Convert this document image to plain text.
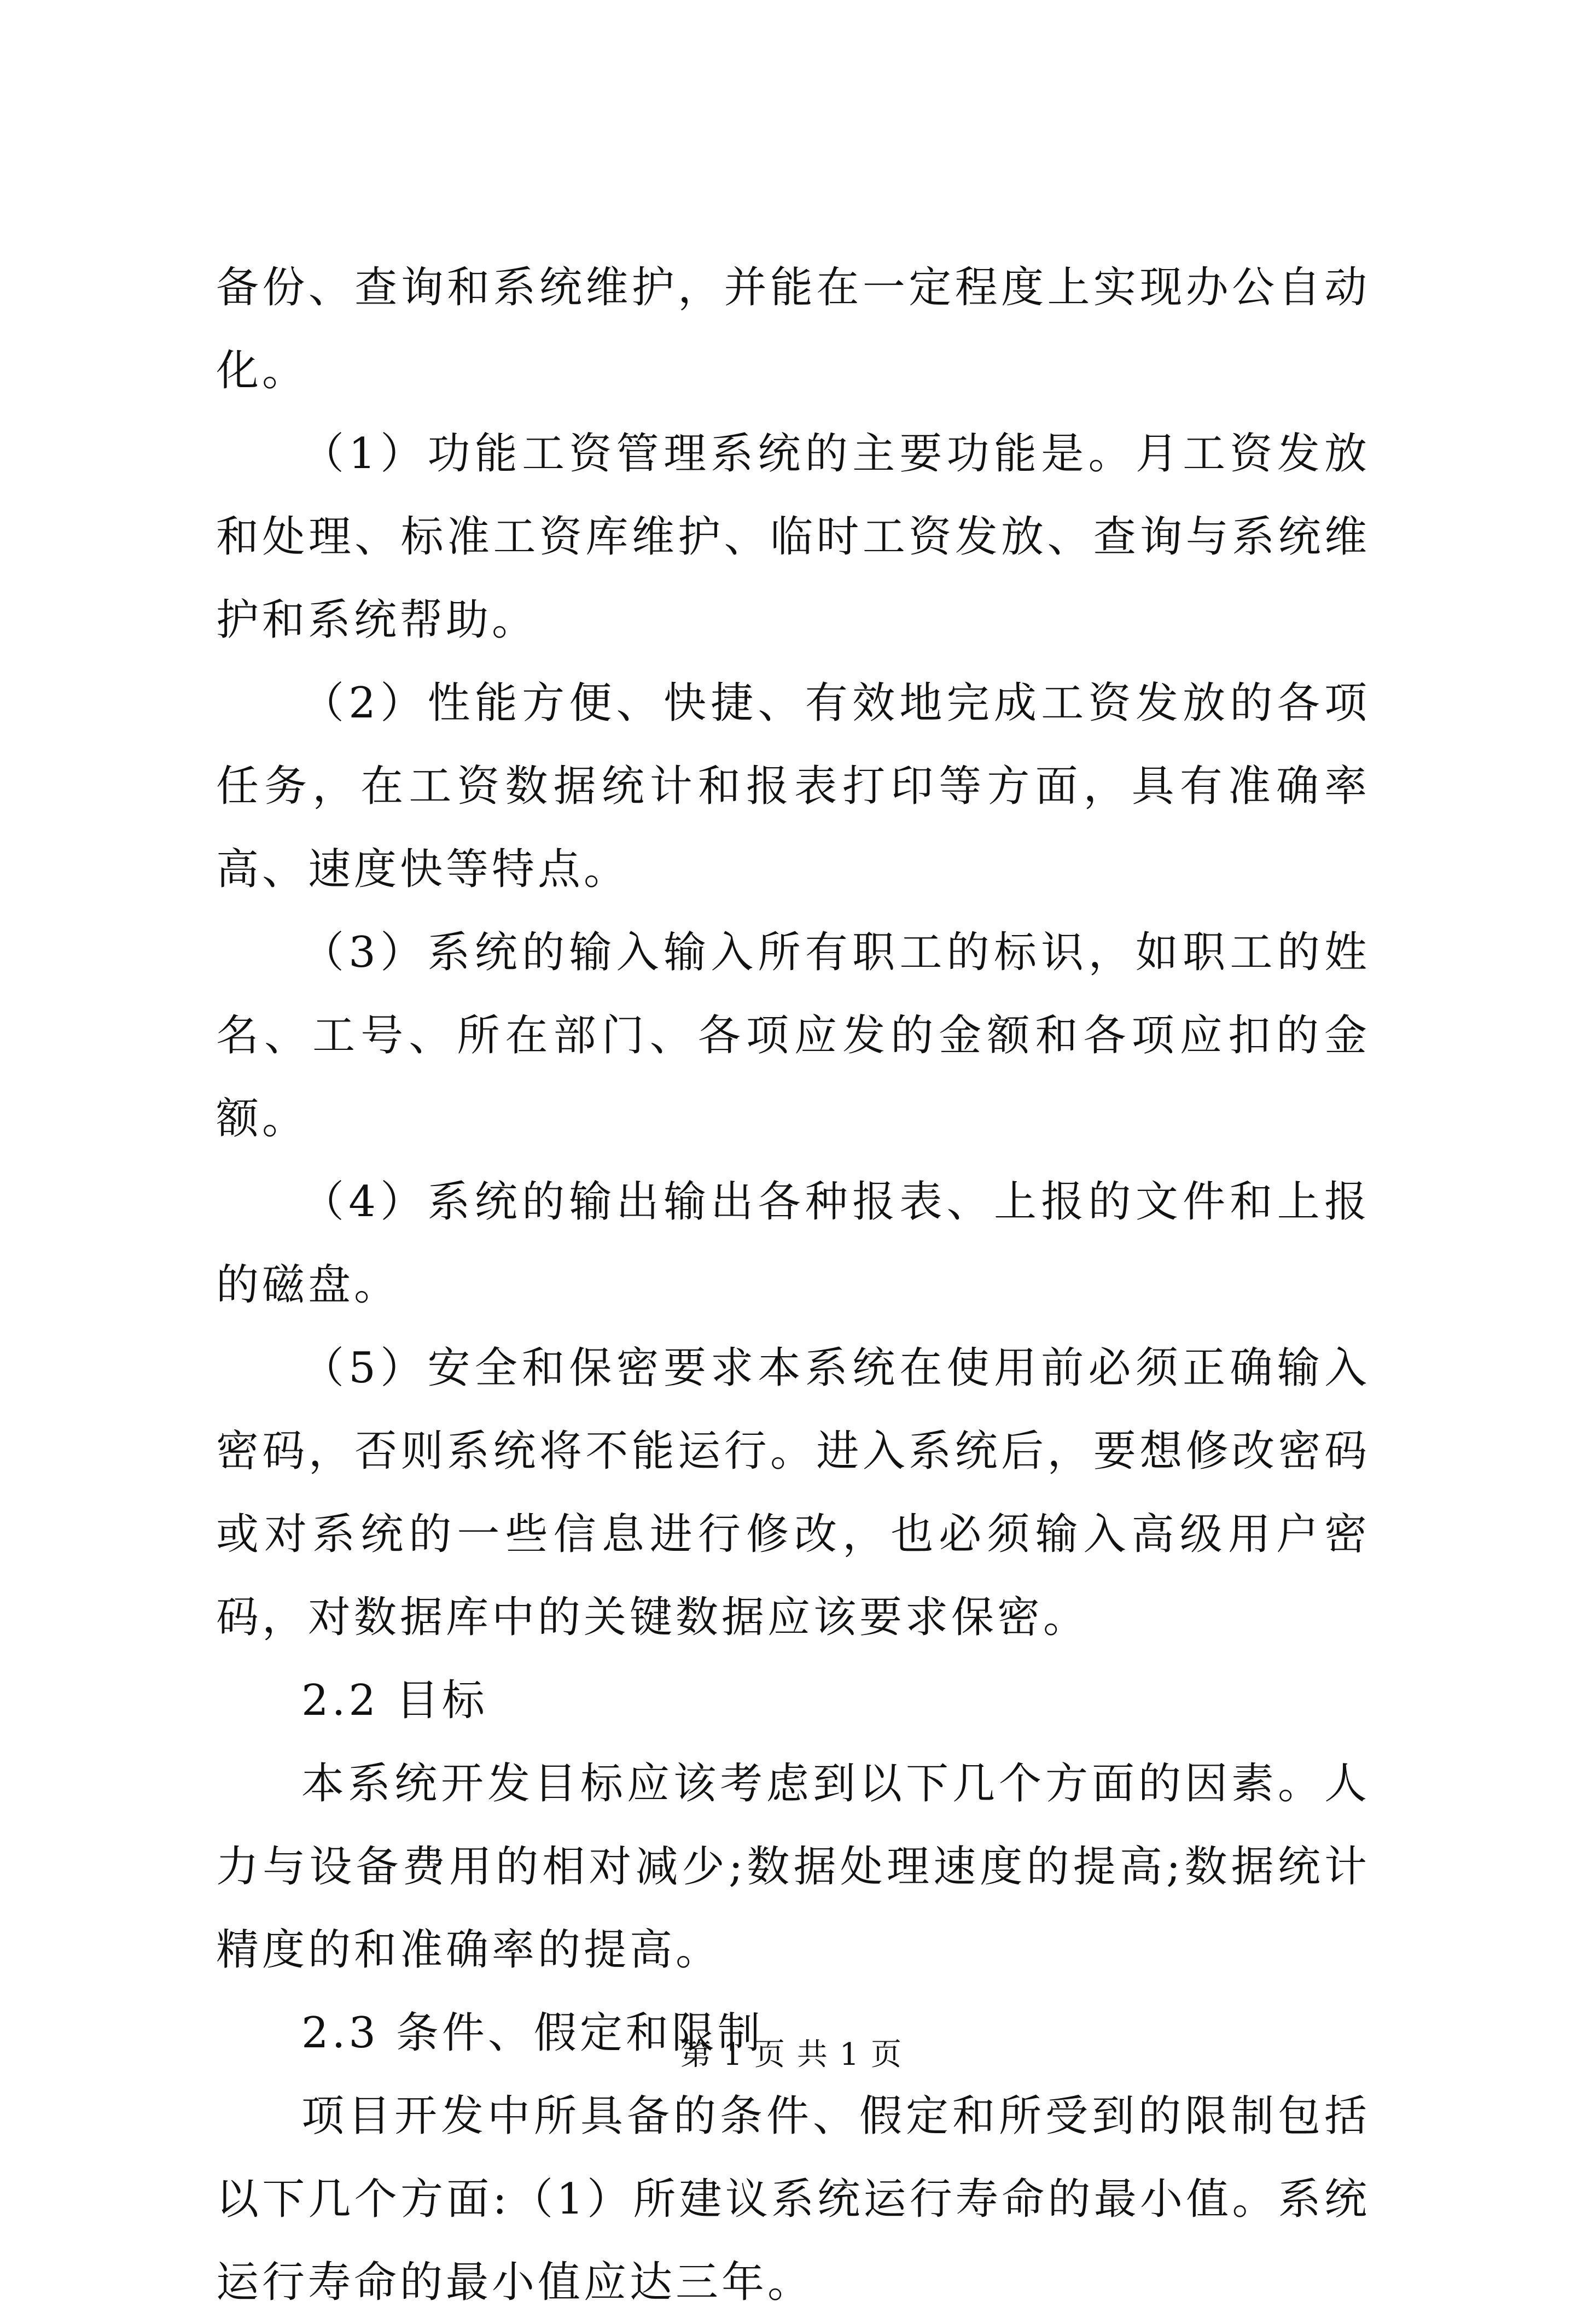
备份、查询和系统维护，并能在一定程度上实现办公自动化。

（1）功能工资管理系统的主要功能是。月工资发放和处理、标准工资库维护、临时工资发放、查询与系统维护和系统帮助。

（2）性能方便、快捷、有效地完成工资发放的各项任务，在工资数据统计和报表打印等方面，具有准确率高、速度快等特点。

（3）系统的输入输入所有职工的标识，如职工的姓名、工号、所在部门、各项应发的金额和各项应扣的金额。

（4）系统的输出输出各种报表、上报的文件和上报的磁盘。

（5）安全和保密要求本系统在使用前必须正确输入密码，否则系统将不能运行。进入系统后，要想修改密码或对系统的一些信息进行修改，也必须输入高级用户密码，对数据库中的关键数据应该要求保密。

2.2 目标

本系统开发目标应该考虑到以下几个方面的因素。人力与设备费用的相对减少;数据处理速度的提高;数据统计精度的和准确率的提高。

2.3 条件、假定和限制

项目开发中所具备的条件、假定和所受到的限制包括以下几个方面:（1）所建议系统运行寿命的最小值。系统运行寿命的最小值应达三年。

第 1 页 共 1 页
